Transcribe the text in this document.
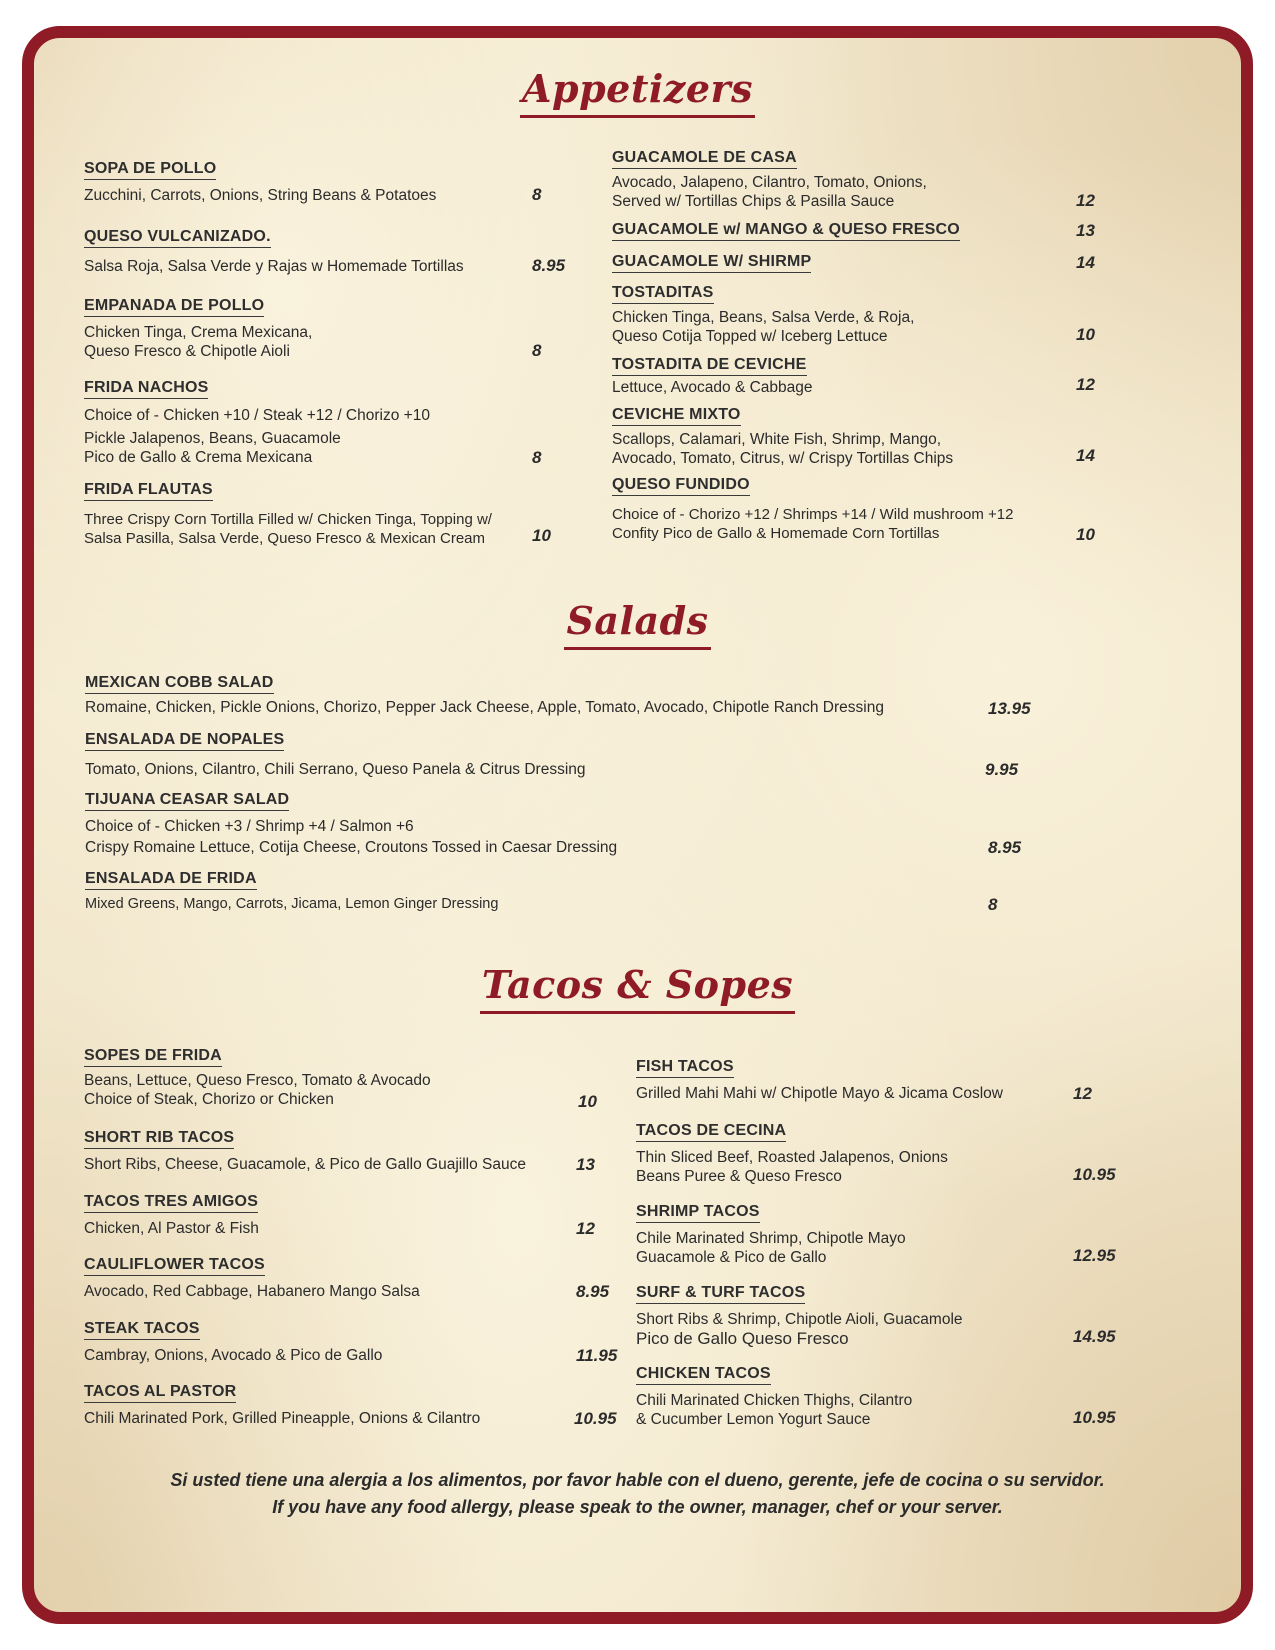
Appetizers
SOPA DE POLLO
Zucchini, Carrots, Onions, String Beans & Potatoes	8
QUESO VULCANIZADO.
Salsa Roja, Salsa Verde y Rajas w Homemade Tortillas	8.95
EMPANADA DE POLLO
Chicken Tinga, Crema Mexicana,
Queso Fresco & Chipotle Aioli	8
FRIDA NACHOS
Choice of - Chicken +10 / Steak +12 / Chorizo +10
Pickle Jalapenos, Beans, Guacamole
Pico de Gallo & Crema Mexicana	8
FRIDA FLAUTAS
Three Crispy Corn Tortilla Filled w/ Chicken Tinga, Topping w/
Salsa Pasilla, Salsa Verde, Queso Fresco & Mexican Cream	10
GUACAMOLE DE CASA
Avocado, Jalapeno, Cilantro, Tomato, Onions,
Served w/ Tortillas Chips & Pasilla Sauce	12
GUACAMOLE w/ MANGO & QUESO FRESCO	13
GUACAMOLE W/ SHIRMP	14
TOSTADITAS
Chicken Tinga, Beans, Salsa Verde, & Roja,
Queso Cotija Topped w/ Iceberg Lettuce	10
TOSTADITA DE CEVICHE
Lettuce, Avocado & Cabbage	12
CEVICHE MIXTO
Scallops, Calamari, White Fish, Shrimp, Mango,
Avocado, Tomato, Citrus, w/ Crispy Tortillas Chips	14
QUESO FUNDIDO
Choice of - Chorizo +12 / Shrimps +14 / Wild mushroom +12
Confity Pico de Gallo & Homemade Corn Tortillas	10
Salads
MEXICAN COBB SALAD
Romaine, Chicken, Pickle Onions, Chorizo, Pepper Jack Cheese, Apple, Tomato, Avocado, Chipotle Ranch Dressing	13.95
ENSALADA DE NOPALES
Tomato, Onions, Cilantro, Chili Serrano, Queso Panela & Citrus Dressing	9.95
TIJUANA CEASAR SALAD
Choice of - Chicken +3 / Shrimp +4 / Salmon +6
Crispy Romaine Lettuce, Cotija Cheese, Croutons Tossed in Caesar Dressing	8.95
ENSALADA DE FRIDA
Mixed Greens, Mango, Carrots, Jicama, Lemon Ginger Dressing	8
Tacos & Sopes
SOPES DE FRIDA
Beans, Lettuce, Queso Fresco, Tomato & Avocado
Choice of Steak, Chorizo or Chicken	10
SHORT RIB TACOS
Short Ribs, Cheese, Guacamole, & Pico de Gallo Guajillo Sauce	13
TACOS TRES AMIGOS
Chicken, Al Pastor & Fish	12
CAULIFLOWER TACOS
Avocado, Red Cabbage, Habanero Mango Salsa	8.95
STEAK TACOS
Cambray, Onions, Avocado & Pico de Gallo	11.95
TACOS AL PASTOR
Chili Marinated Pork, Grilled Pineapple, Onions & Cilantro	10.95
FISH TACOS
Grilled Mahi Mahi w/ Chipotle Mayo & Jicama Coslow	12
TACOS DE CECINA
Thin Sliced Beef, Roasted Jalapenos, Onions
Beans Puree & Queso Fresco	10.95
SHRIMP TACOS
Chile Marinated Shrimp, Chipotle Mayo
Guacamole & Pico de Gallo	12.95
SURF & TURF TACOS
Short Ribs & Shrimp, Chipotle Aioli, Guacamole
Pico de Gallo Queso Fresco	14.95
CHICKEN TACOS
Chili Marinated Chicken Thighs, Cilantro
& Cucumber Lemon Yogurt Sauce	10.95
Si usted tiene una alergia a los alimentos, por favor hable con el dueno, gerente, jefe de cocina o su servidor.
If you have any food allergy, please speak to the owner, manager, chef or your server.
